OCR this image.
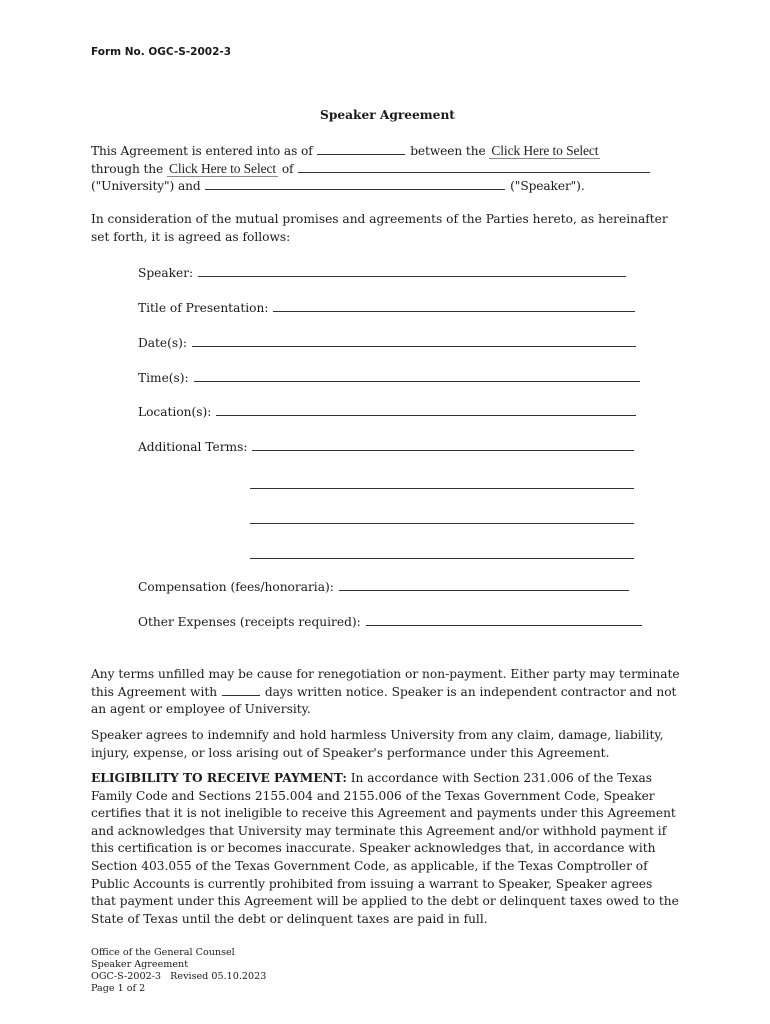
Form No. OGC-S-2002-3
Speaker Agreement
This Agreement is entered into as of	between the Click Here to Select
through the Click Here to Select of
("University") and	("Speaker").
In consideration of the mutual promises and agreements of the Parties hereto, as hereinafter set forth, it is agreed as follows:
Speaker:
Title of Presentation:
Date(s):
Time(s):
Location(s):
Additional Terms:
Compensation (fees/honoraria):
Other Expenses (receipts required):
Any terms unfilled may be cause for renegotiation or non-payment. Either party may terminate this Agreement with	days written notice. Speaker is an independent contractor and not an agent or employee of University.
Speaker agrees to indemnify and hold harmless University from any claim, damage, liability, injury, expense, or loss arising out of Speaker's performance under this Agreement.
ELIGIBILITY TO RECEIVE PAYMENT: In accordance with Section 231.006 of the Texas Family Code and Sections 2155.004 and 2155.006 of the Texas Government Code, Speaker certifies that it is not ineligible to receive this Agreement and payments under this Agreement and acknowledges that University may terminate this Agreement and/or withhold payment if this certification is or becomes inaccurate. Speaker acknowledges that, in accordance with Section 403.055 of the Texas Government Code, as applicable, if the Texas Comptroller of Public Accounts is currently prohibited from issuing a warrant to Speaker, Speaker agrees that payment under this Agreement will be applied to the debt or delinquent taxes owed to the State of Texas until the debt or delinquent taxes are paid in full.
Office of the General Counsel
Speaker Agreement
OGC-S-2002-3   Revised 05.10.2023
Page 1 of 2
